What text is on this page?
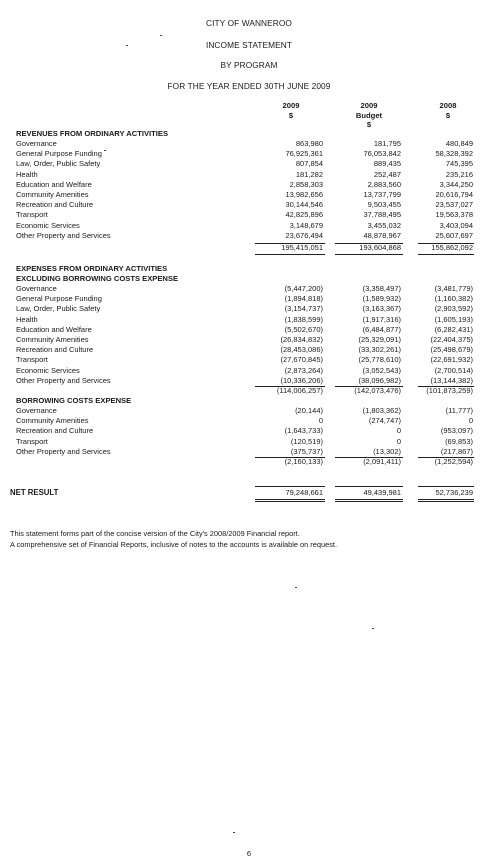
CITY OF WANNEROO
INCOME STATEMENT
BY PROGRAM
FOR THE YEAR ENDED 30TH JUNE 2009
2009
$
2009
Budget
$
2008
$
REVENUES FROM ORDINARY ACTIVITIES
Governance	863,980	181,795	480,849
General Purpose Funding	76,925,361	76,053,842	58,328,392
Law, Order, Public Safety	807,854	889,435	745,395
Health	181,282	252,487	235,216
Education and Welfare	2,858,303	2,883,560	3,344,250
Community Amenities	13,982,656	13,737,799	20,616,794
Recreation and Culture	30,144,546	9,503,455	23,537,027
Transport	42,825,896	37,788,495	19,563,378
Economic Services	3,148,679	3,455,032	3,403,094
Other Property and Services	23,676,494	48,878,967	25,607,697
195,415,051	193,604,868	155,862,092
EXPENSES FROM ORDINARY ACTIVITIES
EXCLUDING BORROWING COSTS EXPENSE
Governance	(5,447,200)	(3,358,497)	(3,481,779)
General Purpose Funding	(1,894,818)	(1,589,932)	(1,160,382)
Law, Order, Public Safety	(3,154,737)	(3,163,367)	(2,903,592)
Health	(1,838,599)	(1,917,316)	(1,605,193)
Education and Welfare	(5,502,670)	(6,484,877)	(6,282,431)
Community Amenities	(26,834,832)	(25,329,091)	(22,404,375)
Recreation and Culture	(28,453,086)	(33,302,261)	(25,498,679)
Transport	(27,670,845)	(25,778,610)	(22,691,932)
Economic Services	(2,873,264)	(3,052,543)	(2,700,514)
Other Property and Services	(10,336,206)	(38,096,982)	(13,144,382)
(114,006,257)	(142,073,476)	(101,873,259)
BORROWING COSTS EXPENSE
Governance	(20,144)	(1,803,362)	(11,777)
Community Amenities	0	(274,747)	0
Recreation and Culture	(1,643,733)	0	(953,097)
Transport	(120,519)	0	(69,853)
Other Property and Services	(375,737)	(13,302)	(217,867)
(2,160,133)	(2,091,411)	(1,252,594)
NET RESULT	79,248,661	49,439,981	52,736,239
This statement forms part of the concise version of the City's 2008/2009 Financial report.
A comprehensive set of Financial Reports, inclusive of notes to the accounts is available on request.
6
